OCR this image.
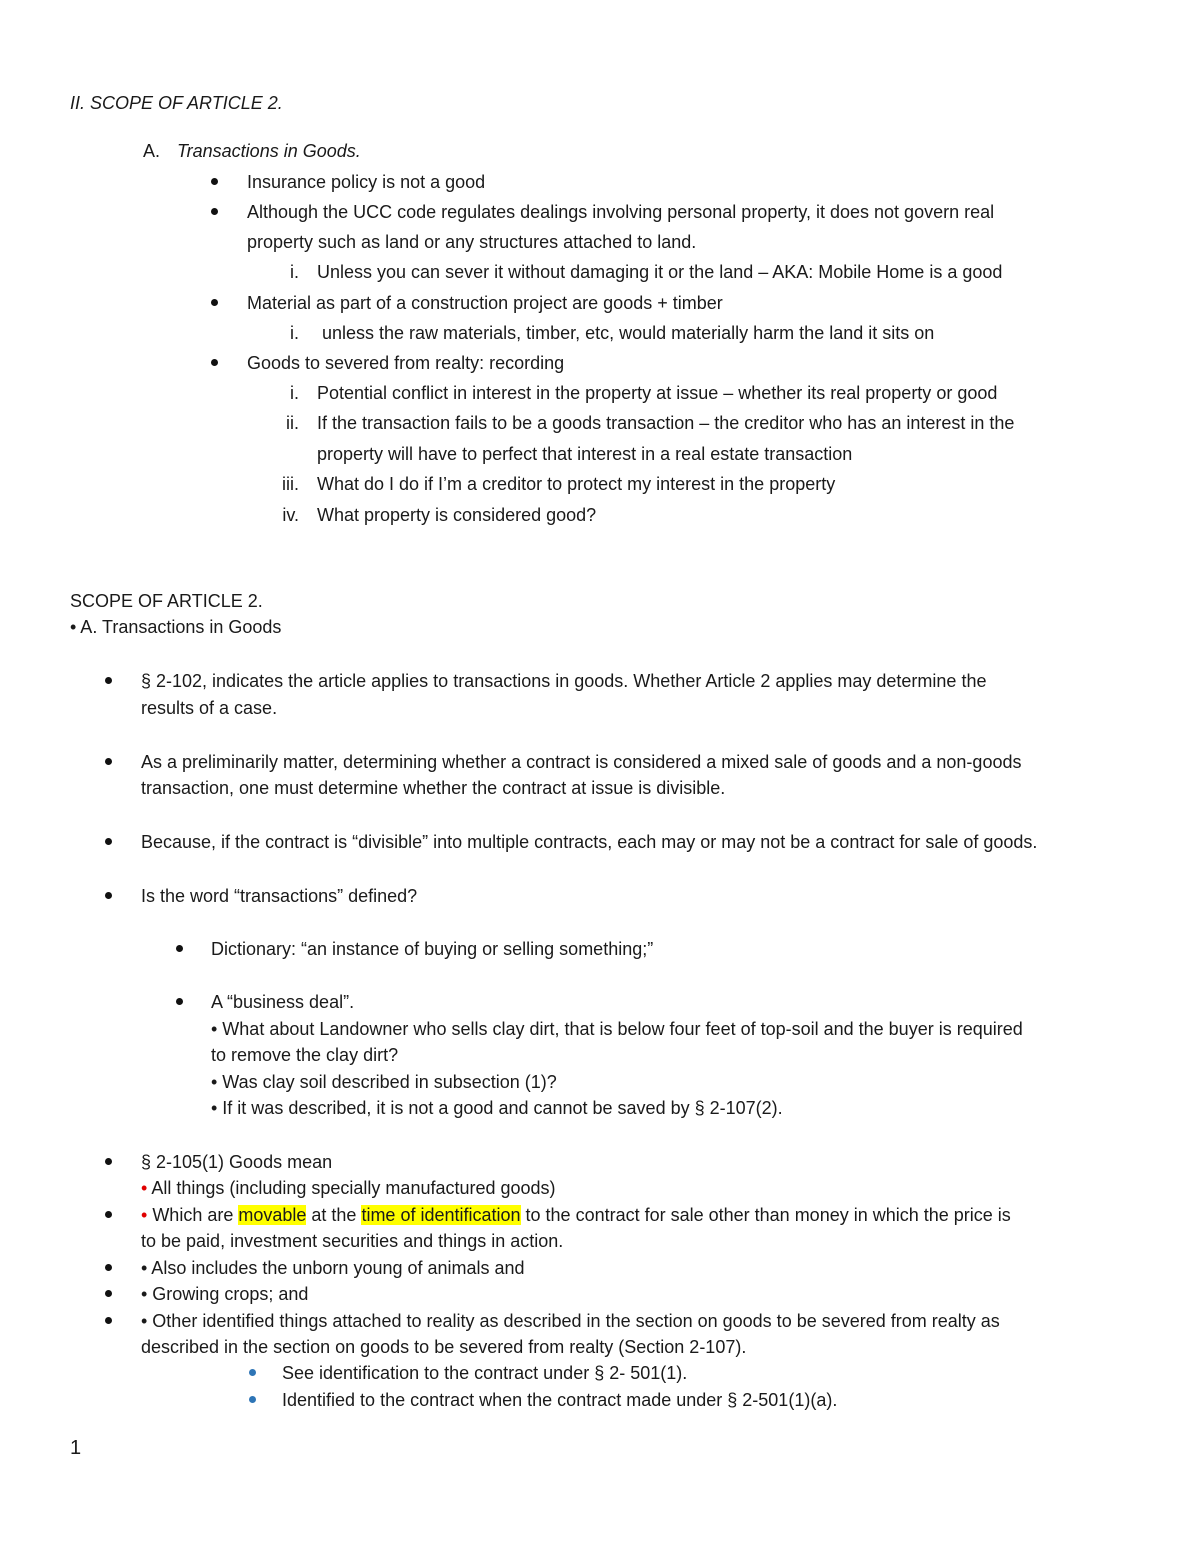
II. SCOPE OF ARTICLE 2.
A. Transactions in Goods.
Insurance policy is not a good
Although the UCC code regulates dealings involving personal property, it does not govern real
property such as land or any structures attached to land.
i. Unless you can sever it without damaging it or the land – AKA: Mobile Home is a good
Material as part of a construction project are goods + timber
i. unless the raw materials, timber, etc, would materially harm the land it sits on
Goods to severed from realty: recording
i. Potential conflict in interest in the property at issue – whether its real property or good
ii. If the transaction fails to be a goods transaction – the creditor who has an interest in the
property will have to perfect that interest in a real estate transaction
iii. What do I do if I’m a creditor to protect my interest in the property
iv. What property is considered good?
SCOPE OF ARTICLE 2.
• A. Transactions in Goods
§ 2-102, indicates the article applies to transactions in goods. Whether Article 2 applies may determine the
results of a case.
As a preliminarily matter, determining whether a contract is considered a mixed sale of goods and a non-goods
transaction, one must determine whether the contract at issue is divisible.
Because, if the contract is “divisible” into multiple contracts, each may or may not be a contract for sale of goods.
Is the word “transactions” defined?
Dictionary: “an instance of buying or selling something;”
A “business deal”.
• What about Landowner who sells clay dirt, that is below four feet of top-soil and the buyer is required
to remove the clay dirt?
• Was clay soil described in subsection (1)?
• If it was described, it is not a good and cannot be saved by § 2-107(2).
§ 2-105(1) Goods mean
• All things (including specially manufactured goods)
• Which are movable at the time of identification to the contract for sale other than money in which the price is
to be paid, investment securities and things in action.
• Also includes the unborn young of animals and
• Growing crops; and
• Other identified things attached to reality as described in the section on goods to be severed from realty as
described in the section on goods to be severed from realty (Section 2-107).
See identification to the contract under § 2- 501(1).
Identified to the contract when the contract made under § 2-501(1)(a).
1
